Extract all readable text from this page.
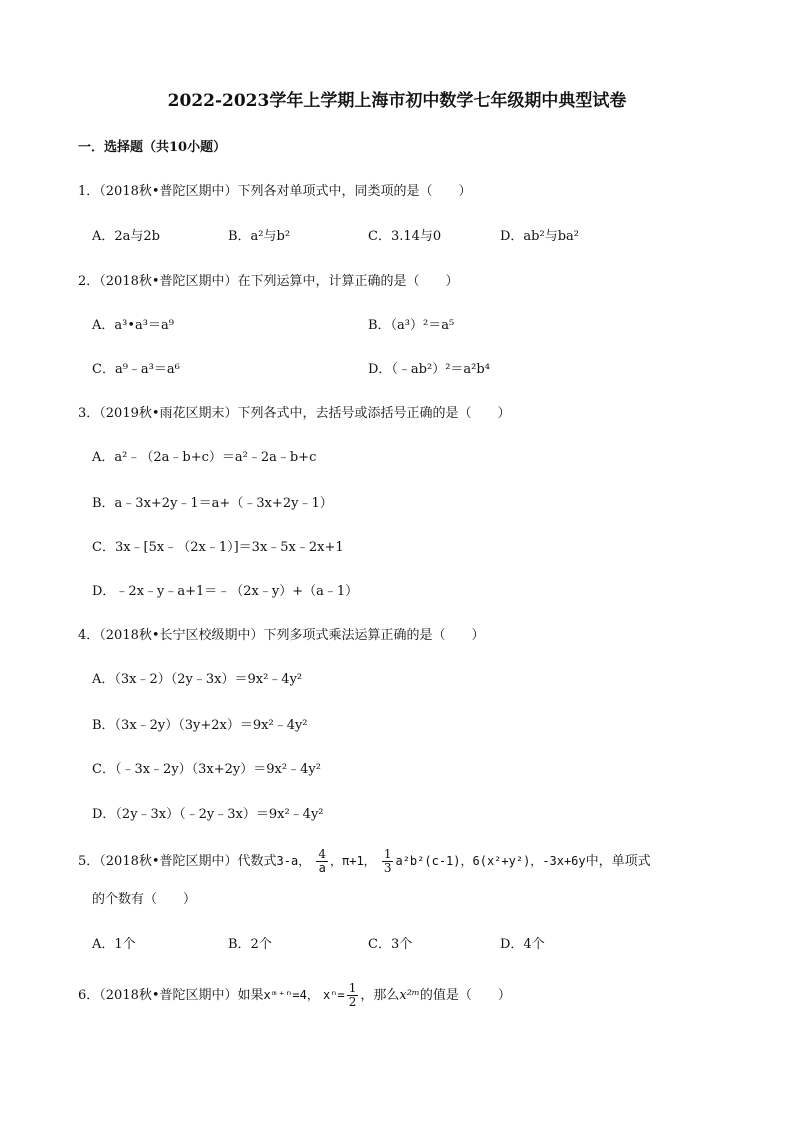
2022-2023学年上学期上海市初中数学七年级期中典型试卷
一．选择题（共10小题）
1．（2018秋•普陀区期中）下列各对单项式中，同类项的是（　　）
A．2a与2b	B．a²与b²	C．3.14与0	D．ab²与ba²
2．（2018秋•普陀区期中）在下列运算中，计算正确的是（　　）
A．a³•a³＝a⁹	B．（a³）²＝a⁵
C．a⁹﹣a³＝a⁶	D．（﹣ab²）²＝a²b⁴
3．（2019秋•雨花区期末）下列各式中，去括号或添括号正确的是（　　）
A．a²﹣（2a﹣b+c）＝a²﹣2a﹣b+c
B．a﹣3x+2y﹣1＝a+（﹣3x+2y﹣1）
C．3x﹣[5x﹣（2x﹣1）]＝3x﹣5x﹣2x+1
D．﹣2x﹣y﹣a+1＝﹣（2x﹣y）+（a﹣1）
4．（2018秋•长宁区校级期中）下列多项式乘法运算正确的是（　　）
A．（3x﹣2）（2y﹣3x）＝9x²﹣4y²
B．（3x﹣2y）（3y+2x）＝9x²﹣4y²
C．（﹣3x﹣2y）（3x+2y）＝9x²﹣4y²
D．（2y﹣3x）（﹣2y﹣3x）＝9x²﹣4y²
5．（2018秋•普陀区期中）代数式3-a， $\frac{4}{a}$ ，π+1， $\frac{1}{3} a^2b^2(c-1)$，6(x²+y²)，-3x+6y中，单项式
的个数有（　　）
A．1个	B．2个	C．3个	D．4个
6．（2018秋•普陀区期中）如果xᵐ⁺ⁿ=4， $x^n= \frac{1}{2}$ ，那么x²ᵐ的值是（　　）
